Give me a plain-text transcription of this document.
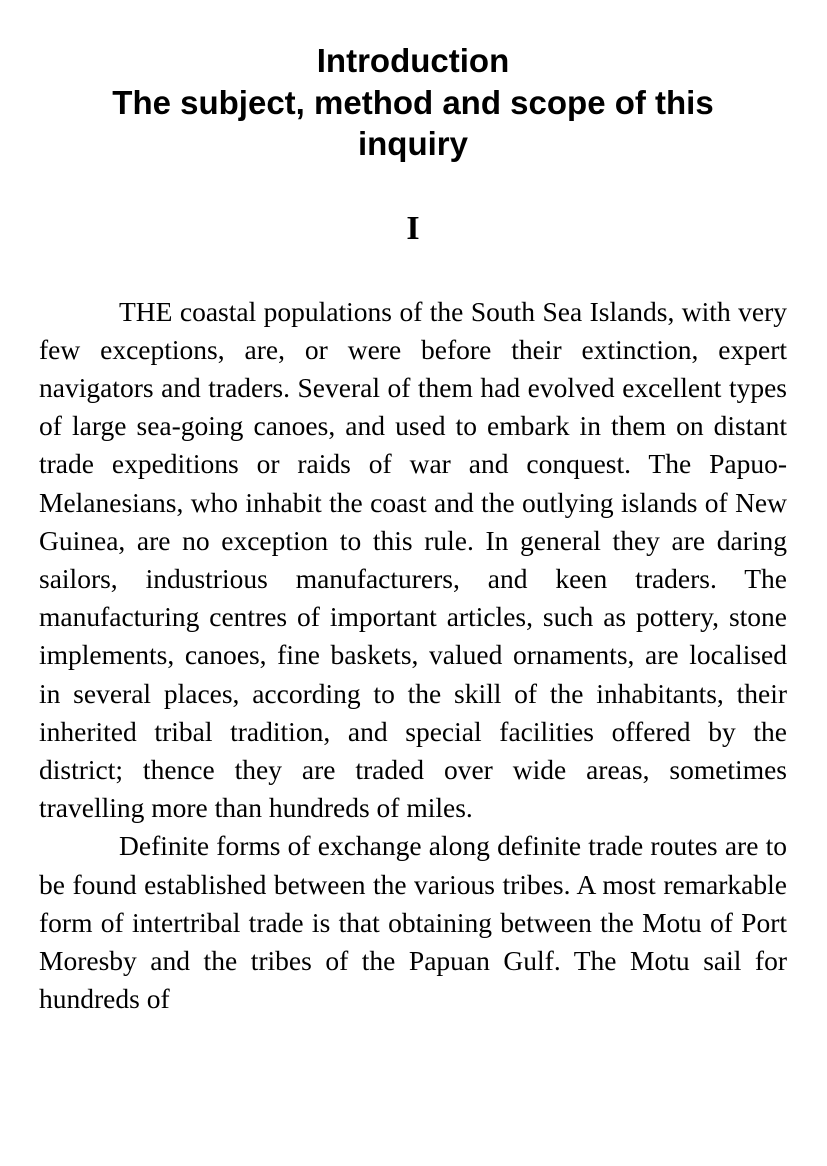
Introduction
The subject, method and scope of this
inquiry
I

THE coastal populations of the South Sea Islands, with very few exceptions, are, or were before their extinction, expert navigators and traders. Several of them had evolved excellent types of large sea-going canoes, and used to embark in them on distant trade expeditions or raids of war and conquest. The Papuo-Melanesians, who inhabit the coast and the outlying islands of New Guinea, are no exception to this rule. In general they are daring sailors, industrious manufacturers, and keen traders. The manufacturing centres of important articles, such as pottery, stone implements, canoes, fine baskets, valued ornaments, are localised in several places, according to the skill of the inhabitants, their inherited tribal tradition, and special facilities offered by the district; thence they are traded over wide areas, sometimes travelling more than hundreds of miles.

Definite forms of exchange along definite trade routes are to be found established between the various tribes. A most remarkable form of intertribal trade is that obtaining between the Motu of Port Moresby and the tribes of the Papuan Gulf. The Motu sail for hundreds of
